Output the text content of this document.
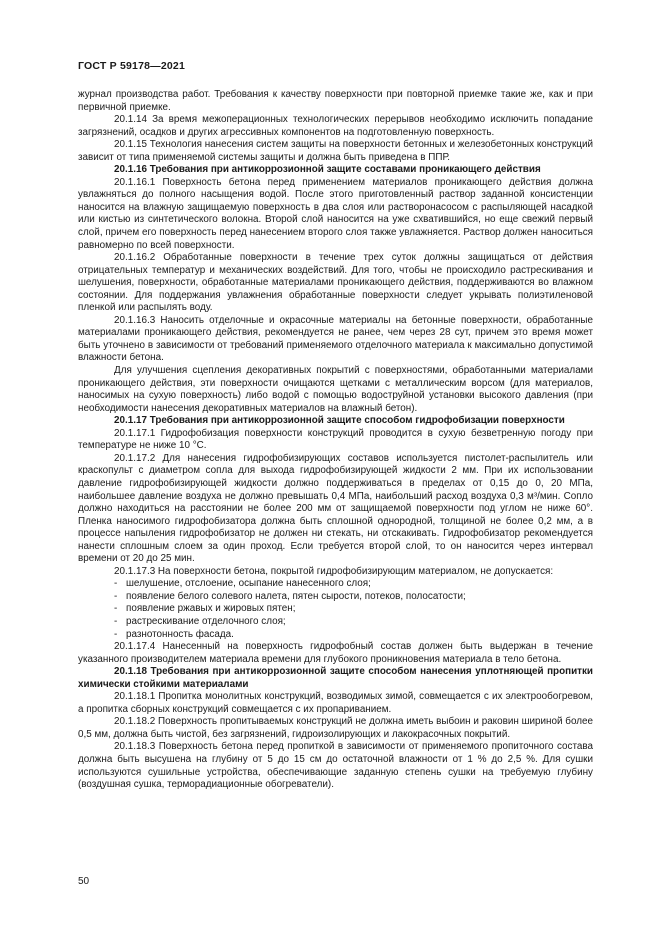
ГОСТ Р 59178—2021

журнал производства работ. Требования к качеству поверхности при повторной приемке такие же, как и при первичной приемке.

20.1.14 За время межоперационных технологических перерывов необходимо исключить попадание загрязнений, осадков и других агрессивных компонентов на подготовленную поверхность.

20.1.15 Технология нанесения систем защиты на поверхности бетонных и железобетонных конструкций зависит от типа применяемой системы защиты и должна быть приведена в ППР.

20.1.16 Требования при антикоррозионной защите составами проникающего действия

20.1.16.1 Поверхность бетона перед применением материалов проникающего действия должна увлажняться до полного насыщения водой. После этого приготовленный раствор заданной консистенции наносится на влажную защищаемую поверхность в два слоя или растворонасосом с распыляющей насадкой или кистью из синтетического волокна. Второй слой наносится на уже схватившийся, но еще свежий первый слой, причем его поверхность перед нанесением второго слоя также увлажняется. Раствор должен наноситься равномерно по всей поверхности.

20.1.16.2 Обработанные поверхности в течение трех суток должны защищаться от действия отрицательных температур и механических воздействий. Для того, чтобы не происходило растрескивания и шелушения, поверхности, обработанные материалами проникающего действия, поддерживаются во влажном состоянии. Для поддержания увлажнения обработанные поверхности следует укрывать полиэтиленовой пленкой или распылять воду.

20.1.16.3 Наносить отделочные и окрасочные материалы на бетонные поверхности, обработанные материалами проникающего действия, рекомендуется не ранее, чем через 28 сут, причем это время может быть уточнено в зависимости от требований применяемого отделочного материала к максимально допустимой влажности бетона.

Для улучшения сцепления декоративных покрытий с поверхностями, обработанными материалами проникающего действия, эти поверхности очищаются щетками с металлическим ворсом (для материалов, наносимых на сухую поверхность) либо водой с помощью водоструйной установки высокого давления (при необходимости нанесения декоративных материалов на влажный бетон).

20.1.17 Требования при антикоррозионной защите способом гидрофобизации поверхности

20.1.17.1 Гидрофобизация поверхности конструкций проводится в сухую безветренную погоду при температуре не ниже 10 °С.

20.1.17.2 Для нанесения гидрофобизирующих составов используется пистолет-распылитель или краскопульт с диаметром сопла для выхода гидрофобизирующей жидкости 2 мм. При их использовании давление гидрофобизирующей жидкости должно поддерживаться в пределах от 0,15 до 0, 20 МПа, наибольшее давление воздуха не должно превышать 0,4 МПа, наибольший расход воздуха 0,3 м³/мин. Сопло должно находиться на расстоянии не более 200 мм от защищаемой поверхности под углом не ниже 60°. Пленка наносимого гидрофобизатора должна быть сплошной однородной, толщиной не более 0,2 мм, а в процессе напыления гидрофобизатор не должен ни стекать, ни отскакивать. Гидрофобизатор рекомендуется нанести сплошным слоем за один проход. Если требуется второй слой, то он наносится через интервал времени от 20 до 25 мин.

20.1.17.3 На поверхности бетона, покрытой гидрофобизирующим материалом, не допускается:

- шелушение, отслоение, осыпание нанесенного слоя;
- появление белого солевого налета, пятен сырости, потеков, полосатости;
- появление ржавых и жировых пятен;
- растрескивание отделочного слоя;
- разнотонность фасада.

20.1.17.4 Нанесенный на поверхность гидрофобный состав должен быть выдержан в течение указанного производителем материала времени для глубокого проникновения материала в тело бетона.

20.1.18 Требования при антикоррозионной защите способом нанесения уплотняющей пропитки химически стойкими материалами

20.1.18.1 Пропитка монолитных конструкций, возводимых зимой, совмещается с их электрообогревом, а пропитка сборных конструкций совмещается с их пропариванием.

20.1.18.2 Поверхность пропитываемых конструкций не должна иметь выбоин и раковин шириной более 0,5 мм, должна быть чистой, без загрязнений, гидроизолирующих и лакокрасочных покрытий.

20.1.18.3 Поверхность бетона перед пропиткой в зависимости от применяемого пропиточного состава должна быть высушена на глубину от 5 до 15 см до остаточной влажности от 1 % до 2,5 %. Для сушки используются сушильные устройства, обеспечивающие заданную степень сушки на требуемую глубину (воздушная сушка, терморадиационные обогреватели).

50
